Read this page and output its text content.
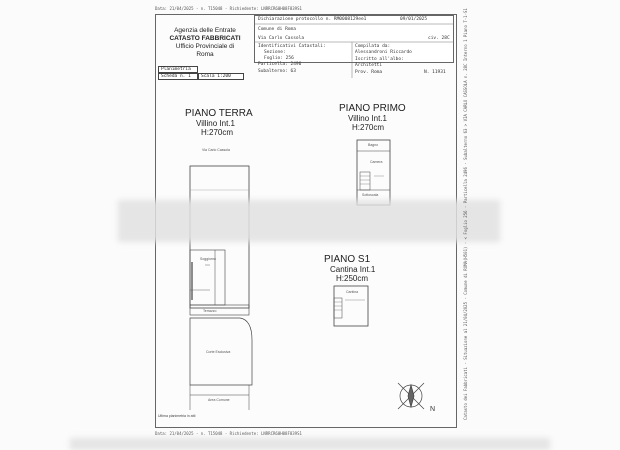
Data: 21/04/2025 - n. T15048 - Richiedente: LNRRCR60H08F839S1
Agenzia delle Entrate
CATASTO FABBRICATI
Ufficio Provinciale di
Roma
Dichiarazione protocollo n. RM0008129ee1	09/01/2025
Comune di Roma
Via Carlo Cassola	civ. 28C
Identificativi Catastali:
Sezione:
Foglio: 256
Particella: 2496
Subalterno: 63
Compilata da:
Alessandroni Riccardo
Iscritto all'albo:
Architetti
Prov. Roma	N. 11931
Planimetria
Scheda n. 1	Scala 1:200
PIANO TERRA
Villino Int.1
H:270cm
PIANO PRIMO
Villino Int.1
H:270cm
PIANO S1
Cantina Int.1
H:250cm
Via Carlo Cassola
Soggiorno
Terrazzo
Corte Esclusiva
Area Comune
Bagno
Camera
Sottoscala
Cantina
N
Ultima planimetria in atti	Catasto dei Fabbricati - Situazione al 21/04/2025 - Comune di ROMA(H501) - < Foglio 256 - Particella 2496 - Subalterno 63 > VIA CARLO CASSOLA n. 28C Interno 1 Piano T-1-S1
Data: 21/04/2025 - n. T15048 - Richiedente: LNRRCR60H08F839S1
